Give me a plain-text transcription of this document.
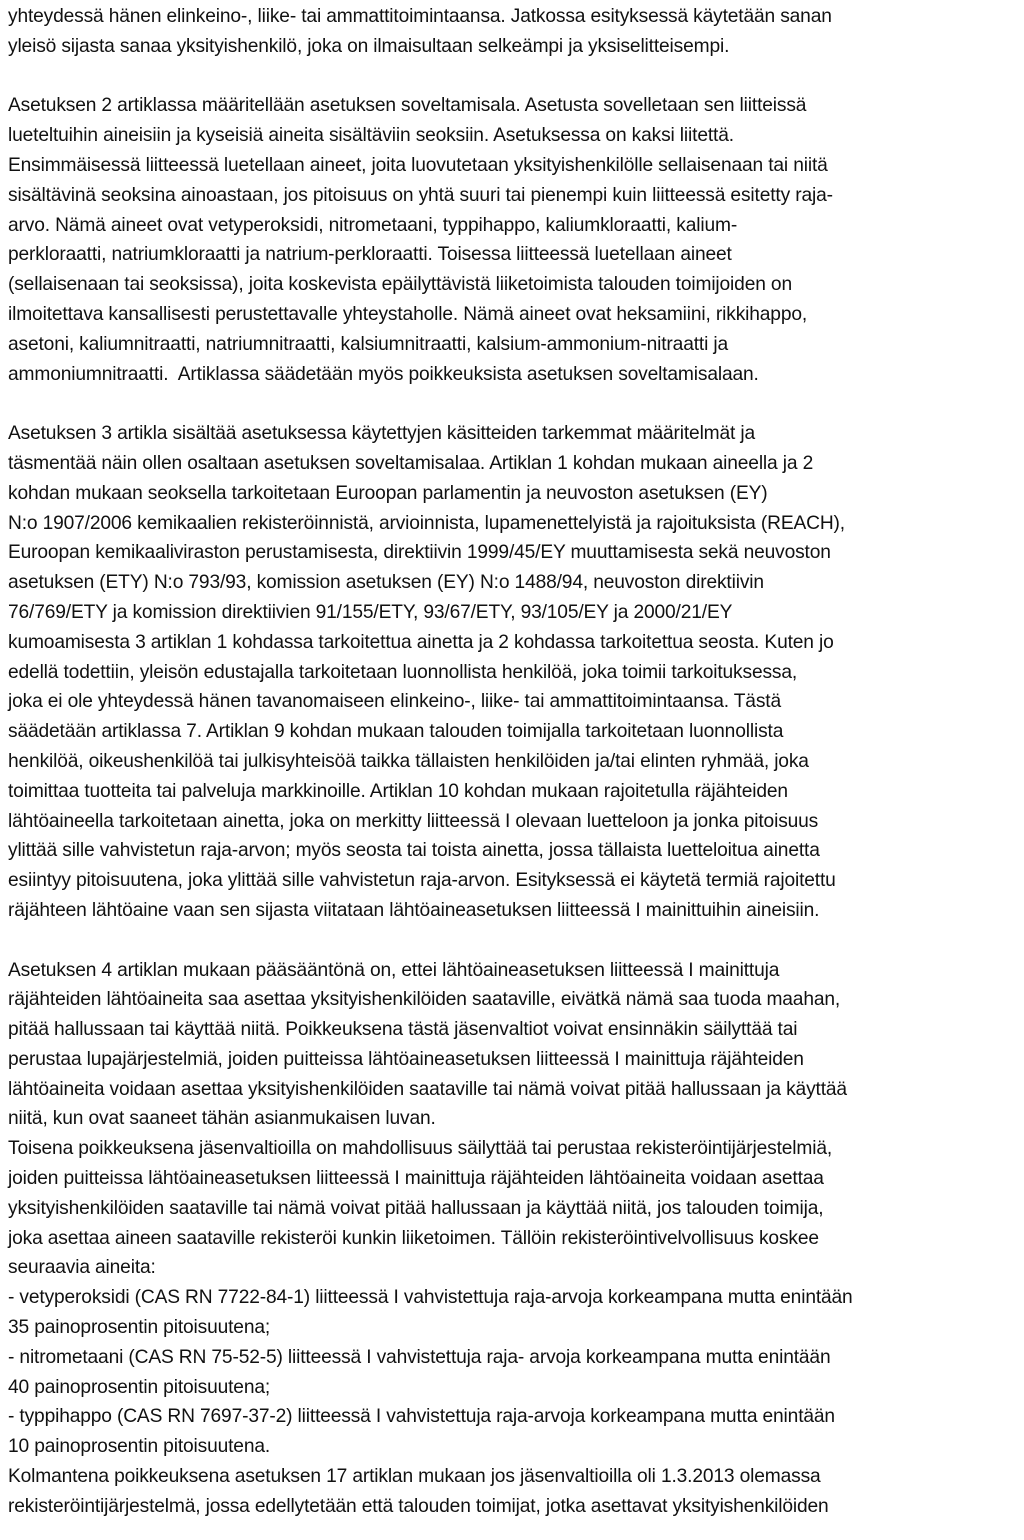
yhteydessä hänen elinkeino-, liike- tai ammattitoimintaansa. Jatkossa esityksessä käytetään sanan
yleisö sijasta sanaa yksityishenkilö, joka on ilmaisultaan selkeämpi ja yksiselitteisempi.
Asetuksen 2 artiklassa määritellään asetuksen soveltamisala. Asetusta sovelletaan sen liitteissä
lueteltuihin aineisiin ja kyseisiä aineita sisältäviin seoksiin. Asetuksessa on kaksi liitettä.
Ensimmäisessä liitteessä luetellaan aineet, joita luovutetaan yksityishenkilölle sellaisenaan tai niitä
sisältävinä seoksina ainoastaan, jos pitoisuus on yhtä suuri tai pienempi kuin liitteessä esitetty raja-
arvo. Nämä aineet ovat vetyperoksidi, nitrometaani, typpihappo, kaliumkloraatti, kalium-
perkloraatti, natriumkloraatti ja natrium-perkloraatti. Toisessa liitteessä luetellaan aineet
(sellaisenaan tai seoksissa), joita koskevista epäilyttävistä liiketoimista talouden toimijoiden on
ilmoitettava kansallisesti perustettavalle yhteystaholle. Nämä aineet ovat heksamiini, rikkihappo,
asetoni, kaliumnitraatti, natriumnitraatti, kalsiumnitraatti, kalsium-ammonium-nitraatti ja
ammoniumnitraatti.  Artiklassa säädetään myös poikkeuksista asetuksen soveltamisalaan.
Asetuksen 3 artikla sisältää asetuksessa käytettyjen käsitteiden tarkemmat määritelmät ja
täsmentää näin ollen osaltaan asetuksen soveltamisalaa. Artiklan 1 kohdan mukaan aineella ja 2
kohdan mukaan seoksella tarkoitetaan Euroopan parlamentin ja neuvoston asetuksen (EY)
N:o 1907/2006 kemikaalien rekisteröinnistä, arvioinnista, lupamenettelyistä ja rajoituksista (REACH),
Euroopan kemikaaliviraston perustamisesta, direktiivin 1999/45/EY muuttamisesta sekä neuvoston
asetuksen (ETY) N:o 793/93, komission asetuksen (EY) N:o 1488/94, neuvoston direktiivin
76/769/ETY ja komission direktiivien 91/155/ETY, 93/67/ETY, 93/105/EY ja 2000/21/EY
kumoamisesta 3 artiklan 1 kohdassa tarkoitettua ainetta ja 2 kohdassa tarkoitettua seosta. Kuten jo
edellä todettiin, yleisön edustajalla tarkoitetaan luonnollista henkilöä, joka toimii tarkoituksessa,
joka ei ole yhteydessä hänen tavanomaiseen elinkeino-, liike- tai ammattitoimintaansa. Tästä
säädetään artiklassa 7. Artiklan 9 kohdan mukaan talouden toimijalla tarkoitetaan luonnollista
henkilöä, oikeushenkilöä tai julkisyhteisöä taikka tällaisten henkilöiden ja/tai elinten ryhmää, joka
toimittaa tuotteita tai palveluja markkinoille. Artiklan 10 kohdan mukaan rajoitetulla räjähteiden
lähtöaineella tarkoitetaan ainetta, joka on merkitty liitteessä I olevaan luetteloon ja jonka pitoisuus
ylittää sille vahvistetun raja-arvon; myös seosta tai toista ainetta, jossa tällaista luetteloitua ainetta
esiintyy pitoisuutena, joka ylittää sille vahvistetun raja-arvon. Esityksessä ei käytetä termiä rajoitettu
räjähteen lähtöaine vaan sen sijasta viitataan lähtöaineasetuksen liitteessä I mainittuihin aineisiin.
Asetuksen 4 artiklan mukaan pääsääntönä on, ettei lähtöaineasetuksen liitteessä I mainittuja
räjähteiden lähtöaineita saa asettaa yksityishenkilöiden saataville, eivätkä nämä saa tuoda maahan,
pitää hallussaan tai käyttää niitä. Poikkeuksena tästä jäsenvaltiot voivat ensinnäkin säilyttää tai
perustaa lupajärjestelmiä, joiden puitteissa lähtöaineasetuksen liitteessä I mainittuja räjähteiden
lähtöaineita voidaan asettaa yksityishenkilöiden saataville tai nämä voivat pitää hallussaan ja käyttää
niitä, kun ovat saaneet tähän asianmukaisen luvan.
Toisena poikkeuksena jäsenvaltioilla on mahdollisuus säilyttää tai perustaa rekisteröintijärjestelmiä,
joiden puitteissa lähtöaineasetuksen liitteessä I mainittuja räjähteiden lähtöaineita voidaan asettaa
yksityishenkilöiden saataville tai nämä voivat pitää hallussaan ja käyttää niitä, jos talouden toimija,
joka asettaa aineen saataville rekisteröi kunkin liiketoimen. Tällöin rekisteröintivelvollisuus koskee
seuraavia aineita:
- vetyperoksidi (CAS RN 7722-84-1) liitteessä I vahvistettuja raja-arvoja korkeampana mutta enintään
35 painoprosentin pitoisuutena;
- nitrometaani (CAS RN 75-52-5) liitteessä I vahvistettuja raja- arvoja korkeampana mutta enintään
40 painoprosentin pitoisuutena;
- typpihappo (CAS RN 7697-37-2) liitteessä I vahvistettuja raja-arvoja korkeampana mutta enintään
10 painoprosentin pitoisuutena.
Kolmantena poikkeuksena asetuksen 17 artiklan mukaan jos jäsenvaltioilla oli 1.3.2013 olemassa
rekisteröintijärjestelmä, jossa edellytetään että talouden toimijat, jotka asettavat yksityishenkilöiden
